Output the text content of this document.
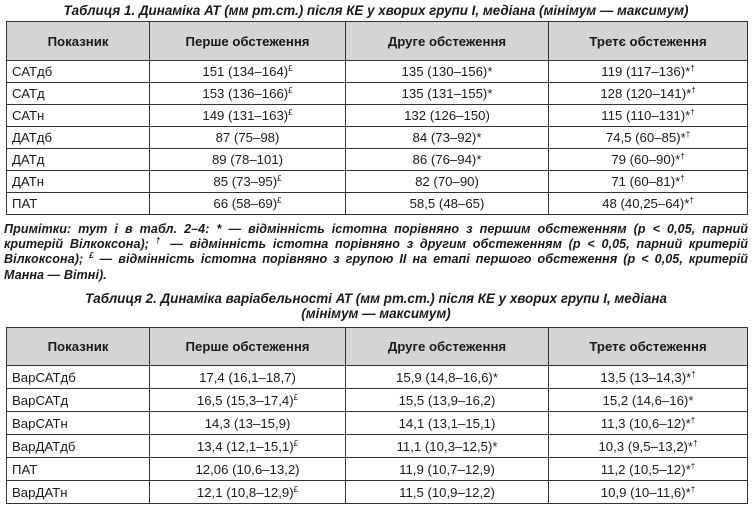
Таблиця 1. Динаміка АТ (мм рт.ст.) після КЕ у хворих групи І, медіана (мінімум — максимум)
Показник	Перше обстеження	Друге обстеження	Третє обстеження
САТдб	151 (134–164)£	135 (130–156)*	119 (117–136)*†
САТд	153 (136–166)£	135 (131–155)*	128 (120–141)*†
САТн	149 (131–163)£	132 (126–150)	115 (110–131)*†
ДАТдб	87 (75–98)	84 (73–92)*	74,5 (60–85)*†
ДАТд	89 (78–101)	86 (76–94)*	79 (60–90)*†
ДАТн	85 (73–95)£	82 (70–90)	71 (60–81)*†
ПАТ	66 (58–69)£	58,5 (48–65)	48 (40,25–64)*†
Примітки: тут і в табл. 2–4: * — відмінність істотна порівняно з першим обстеженням (р < 0,05, парний критерій Вілкоксона); † — відмінність істотна порівняно з другим обстеженням (р < 0,05, парний критерій Вілкоксона); £ — відмінність істотна порівняно з групою ІІ на етапі першого обстеження (р < 0,05, критерій Манна — Вітні).
Таблиця 2. Динаміка варіабельності АТ (мм рт.ст.) після КЕ у хворих групи І, медіана
(мінімум — максимум)
Показник	Перше обстеження	Друге обстеження	Третє обстеження
ВарСАТдб	17,4 (16,1–18,7)	15,9 (14,8–16,6)*	13,5 (13–14,3)*†
ВарСАТд	16,5 (15,3–17,4)£	15,5 (13,9–16,2)	15,2 (14,6–16)*
ВарСАТн	14,3 (13–15,9)	14,1 (13,1–15,1)	11,3 (10,6–12)*†
ВарДАТдб	13,4 (12,1–15,1)£	11,1 (10,3–12,5)*	10,3 (9,5–13,2)*†
ПАТ	12,06 (10,6–13,2)	11,9 (10,7–12,9)	11,2 (10,5–12)*†
ВарДАТн	12,1 (10,8–12,9)£	11,5 (10,9–12,2)	10,9 (10–11,6)*†
